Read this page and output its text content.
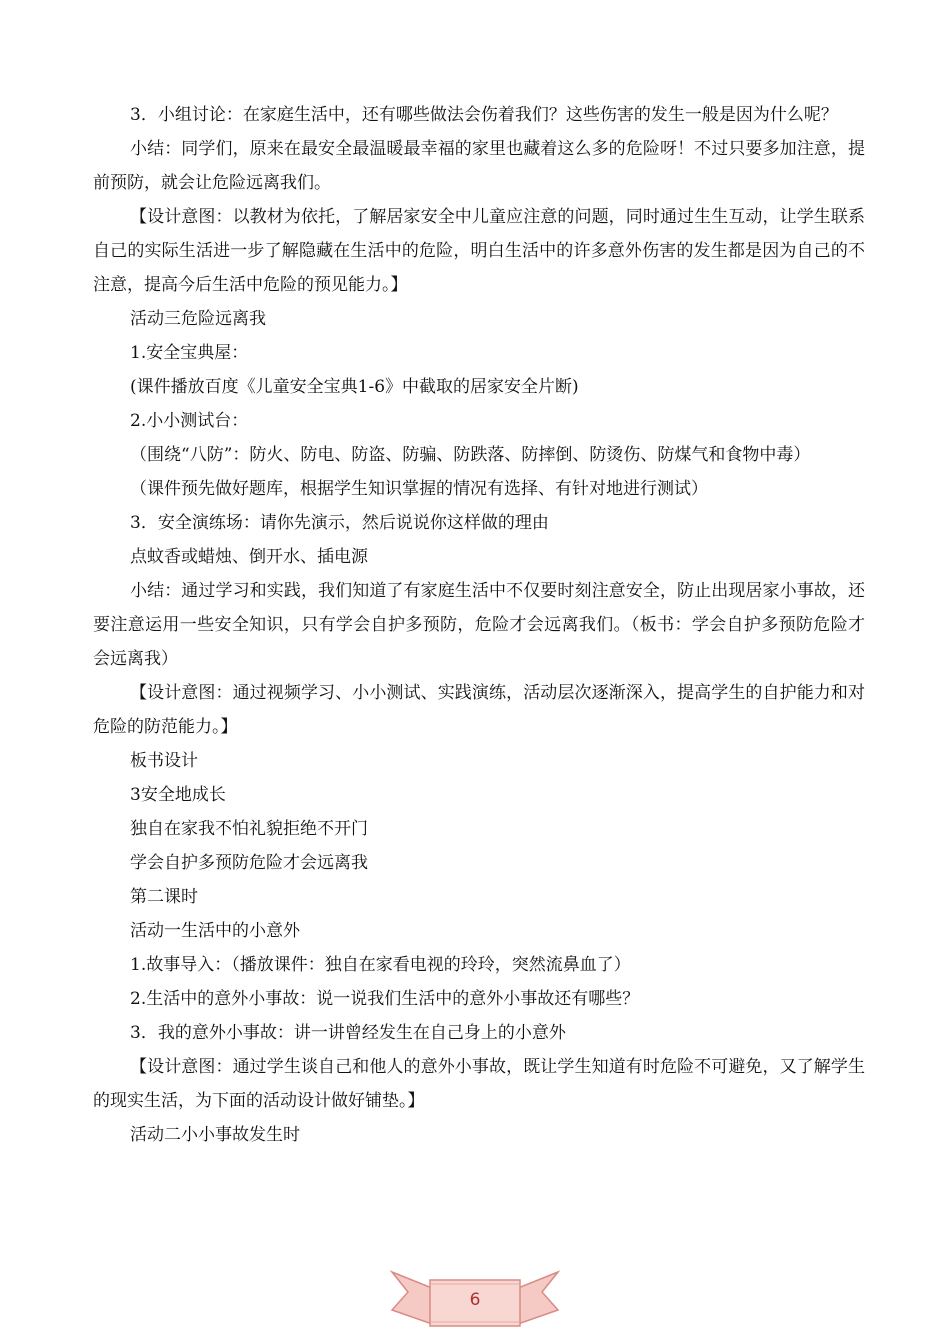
3．小组讨论：在家庭生活中，还有哪些做法会伤着我们？这些伤害的发生一般是因为什么呢？

小结：同学们，原来在最安全最温暖最幸福的家里也藏着这么多的危险呀！不过只要多加注意，提前预防，就会让危险远离我们。

【设计意图：以教材为依托，了解居家安全中儿童应注意的问题，同时通过生生互动，让学生联系自己的实际生活进一步了解隐藏在生活中的危险，明白生活中的许多意外伤害的发生都是因为自己的不注意，提高今后生活中危险的预见能力。】

活动三危险远离我

1.安全宝典屋：

(课件播放百度《儿童安全宝典1-6》中截取的居家安全片断)

2.小小测试台：

（围绕“八防”：防火、防电、防盗、防骗、防跌落、防摔倒、防烫伤、防煤气和食物中毒）

（课件预先做好题库，根据学生知识掌握的情况有选择、有针对地进行测试）

3．安全演练场：请你先演示，然后说说你这样做的理由

点蚊香或蜡烛、倒开水、插电源

小结：通过学习和实践，我们知道了有家庭生活中不仅要时刻注意安全，防止出现居家小事故，还要注意运用一些安全知识，只有学会自护多预防，危险才会远离我们。（板书：学会自护多预防危险才会远离我）

【设计意图：通过视频学习、小小测试、实践演练，活动层次逐渐深入，提高学生的自护能力和对危险的防范能力。】

板书设计

3安全地成长

独自在家我不怕礼貌拒绝不开门

学会自护多预防危险才会远离我

第二课时

活动一生活中的小意外

1.故事导入：（播放课件：独自在家看电视的玲玲，突然流鼻血了）

2.生活中的意外小事故：说一说我们生活中的意外小事故还有哪些？

3．我的意外小事故：讲一讲曾经发生在自己身上的小意外

【设计意图：通过学生谈自己和他人的意外小事故，既让学生知道有时危险不可避免，又了解学生的现实生活，为下面的活动设计做好铺垫。】

活动二小小事故发生时

6
